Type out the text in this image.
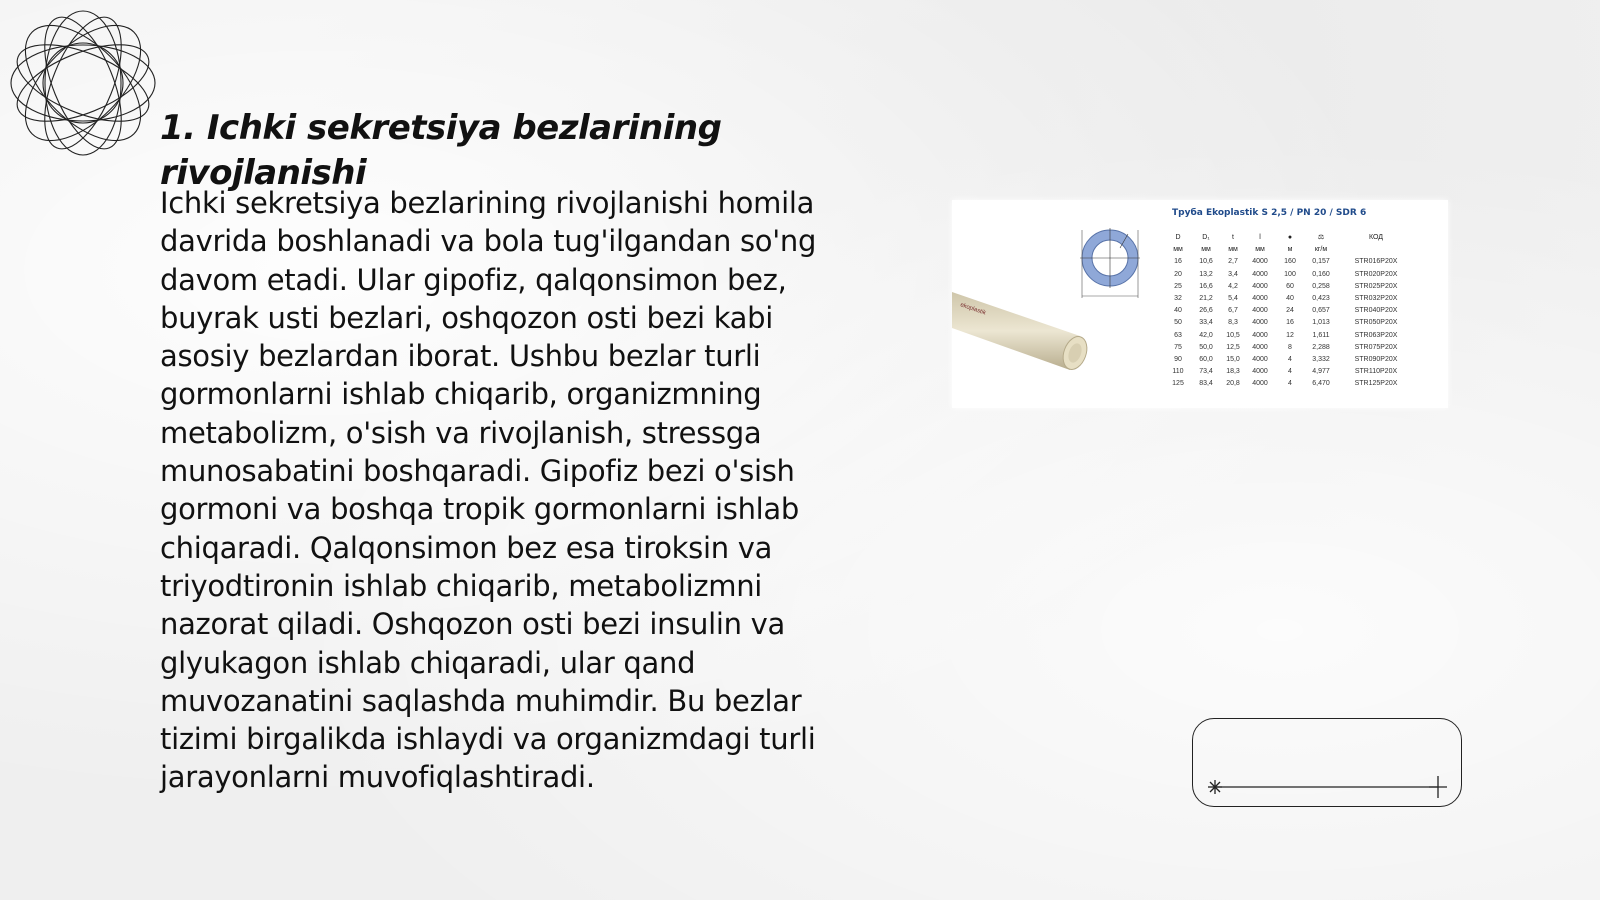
1. Ichki sekretsiya bezlarining rivojlanishi

Ichki sekretsiya bezlarining rivojlanishi homila davrida boshlanadi va bola tug'ilgandan so'ng davom etadi. Ular gipofiz, qalqonsimon bez, buyrak usti bezlari, oshqozon osti bezi kabi asosiy bezlardan iborat. Ushbu bezlar turli gormonlarni ishlab chiqarib, organizmning metabolizm, o'sish va rivojlanish, stressga munosabatini boshqaradi. Gipofiz bezi o'sish gormoni va boshqa tropik gormonlarni ishlab chiqaradi. Qalqonsimon bez esa tiroksin va triyodtironin ishlab chiqarib, metabolizmni nazorat qiladi. Oshqozon osti bezi insulin va glyukagon ishlab chiqaradi, ular qand muvozanatini saqlashda muhimdir. Bu bezlar tizimi birgalikda ishlaydi va organizmdagi turli jarayonlarni muvofiqlashtiradi.

ekoplastik
Труба Ekoplastik S 2,5 / PN 20 / SDR 6
D	D₁	t	l	●	⚖	КОД
мм	мм	мм	мм	м	кг/м	
16	10,6	2,7	4000	160	0,157	STR016P20X
20	13,2	3,4	4000	100	0,160	STR020P20X
25	16,6	4,2	4000	60	0,258	STR025P20X
32	21,2	5,4	4000	40	0,423	STR032P20X
40	26,6	6,7	4000	24	0,657	STR040P20X
50	33,4	8,3	4000	16	1,013	STR050P20X
63	42,0	10,5	4000	12	1,611	STR063P20X
75	50,0	12,5	4000	8	2,288	STR075P20X
90	60,0	15,0	4000	4	3,332	STR090P20X
110	73,4	18,3	4000	4	4,977	STR110P20X
125	83,4	20,8	4000	4	6,470	STR125P20X
